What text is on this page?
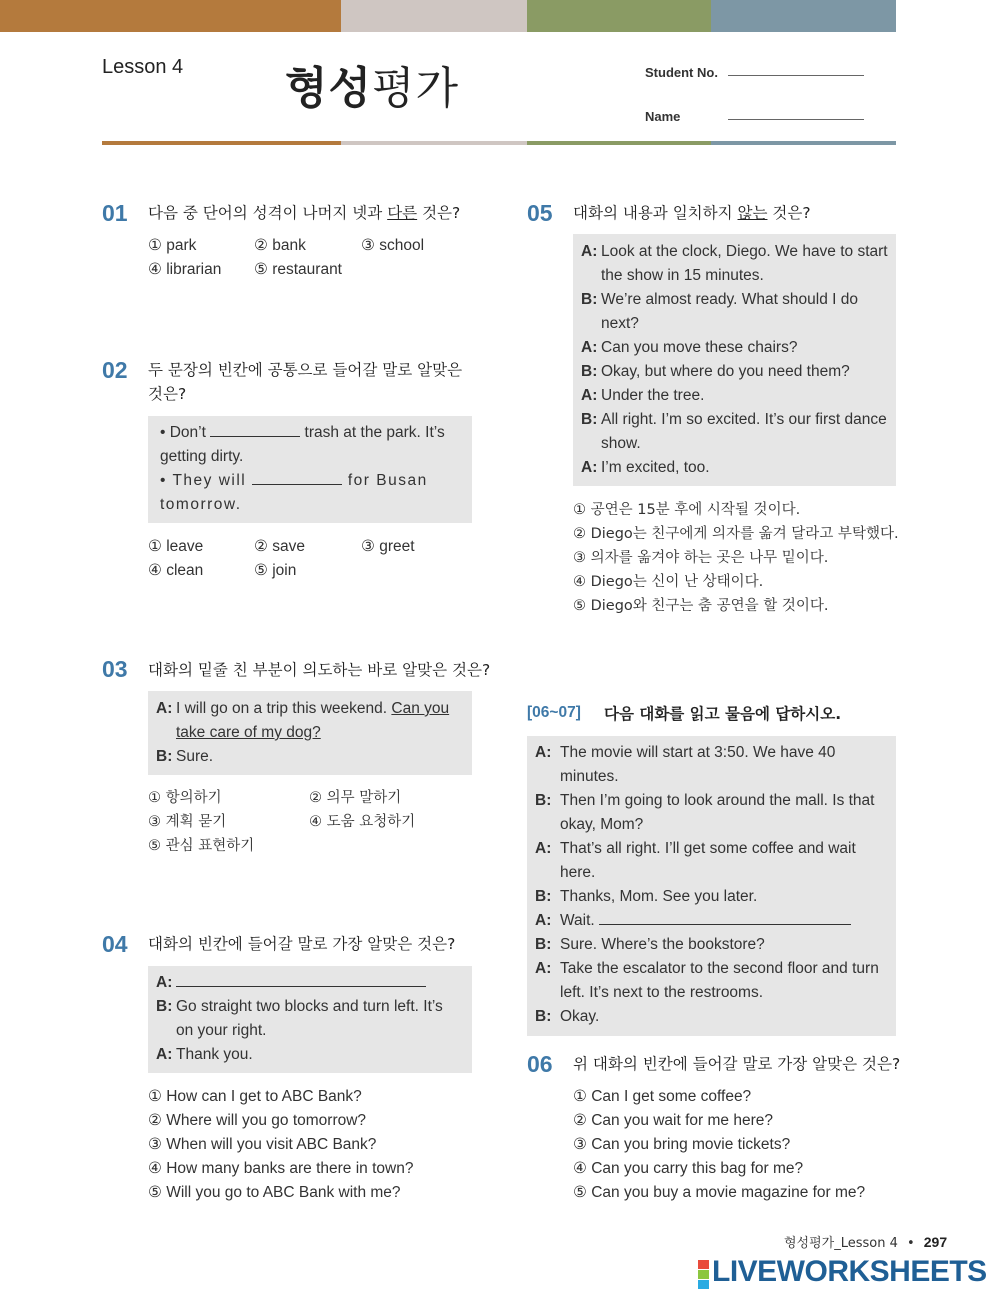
Lesson 4 형성평가	Student No.
Name
01 다음 중 단어의 성격이 나머지 넷과 다른 것은?
① park	② bank	③ school
④ librarian ⑤ restaurant
02 두 문장의 빈칸에 공통으로 들어갈 말로 알맞은 것은?
• Don’t	trash at the park. It’s getting dirty.
• They will	for Busan tomorrow.
① leave	② save	③ greet
④ clean	⑤ join
03 대화의 밑줄 친 부분이 의도하는 바로 알맞은 것은?
A: I will go on a trip this weekend. Can you take care of my dog?
B: Sure.
① 항의하기	② 의무 말하기
③ 계획 묻기	④ 도움 요청하기
⑤ 관심 표현하기
04 대화의 빈칸에 들어갈 말로 가장 알맞은 것은?
A:
B: Go straight two blocks and turn left. It’s on your right.
A: Thank you.
① How can I get to ABC Bank?
② Where will you go tomorrow?
③ When will you visit ABC Bank?
④ How many banks are there in town?
⑤ Will you go to ABC Bank with me?
05 대화의 내용과 일치하지 않는 것은?
A: Look at the clock, Diego. We have to start the show in 15 minutes.
B: We’re almost ready. What should I do next?
A: Can you move these chairs?
B: Okay, but where do you need them?
A: Under the tree.
B: All right. I’m so excited. It’s our first dance show.
A: I’m excited, too.
① 공연은 15분 후에 시작될 것이다.
② Diego는 친구에게 의자를 옮겨 달라고 부탁했다.
③ 의자를 옮겨야 하는 곳은 나무 밑이다.
④ Diego는 신이 난 상태이다.
⑤ Diego와 친구는 춤 공연을 할 것이다.
[06~07] 다음 대화를 읽고 물음에 답하시오.
A: The movie will start at 3:50. We have 40 minutes.
B: Then I’m going to look around the mall. Is that okay, Mom?
A: That’s all right. I’ll get some coffee and wait here.
B: Thanks, Mom. See you later.
A: Wait.
B: Sure. Where’s the bookstore?
A: Take the escalator to the second floor and turn left. It’s next to the restrooms.
B: Okay.
06 위 대화의 빈칸에 들어갈 말로 가장 알맞은 것은?
① Can I get some coffee?
② Can you wait for me here?
③ Can you bring movie tickets?
④ Can you carry this bag for me?
⑤ Can you buy a movie magazine for me?
형성평가_Lesson 4 • 297
LIVEWORKSHEETS
